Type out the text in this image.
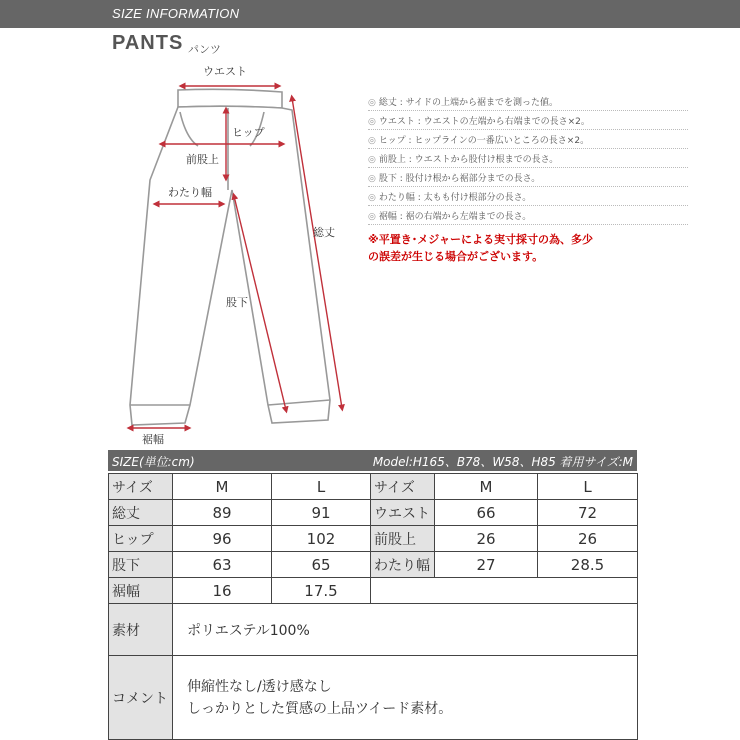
SIZE INFORMATION
PANTS パンツ
ウエスト
ヒップ
前股上
わたり幅
総丈
股下
裾幅
◎ 総丈 : サイドの上端から裾までを測った値。
◎ ウエスト : ウエストの左端から右端までの長さ×2。
◎ ヒップ : ヒップラインの一番広いところの長さ×2。
◎ 前股上 : ウエストから股付け根までの長さ。
◎ 股下 : 股付け根から裾部分までの長さ。
◎ わたり幅 : 太もも付け根部分の長さ。
◎ 裾幅 : 裾の右端から左端までの長さ。
※平置き･メジャーによる実寸採寸の為、多少
の誤差が生じる場合がございます。
SIZE(単位:cm)	Model:H165、B78、W58、H85 着用サイズ:M
サイズ	M	L	サイズ	M	L
総丈	89	91	ウエスト	66	72
ヒップ	96	102	前股上	26	26
股下	63	65	わたり幅	27	28.5
裾幅	16	17.5			
素材	ポリエステル100%
コメント	伸縮性なし/透け感なし
しっかりとした質感の上品ツイード素材。
